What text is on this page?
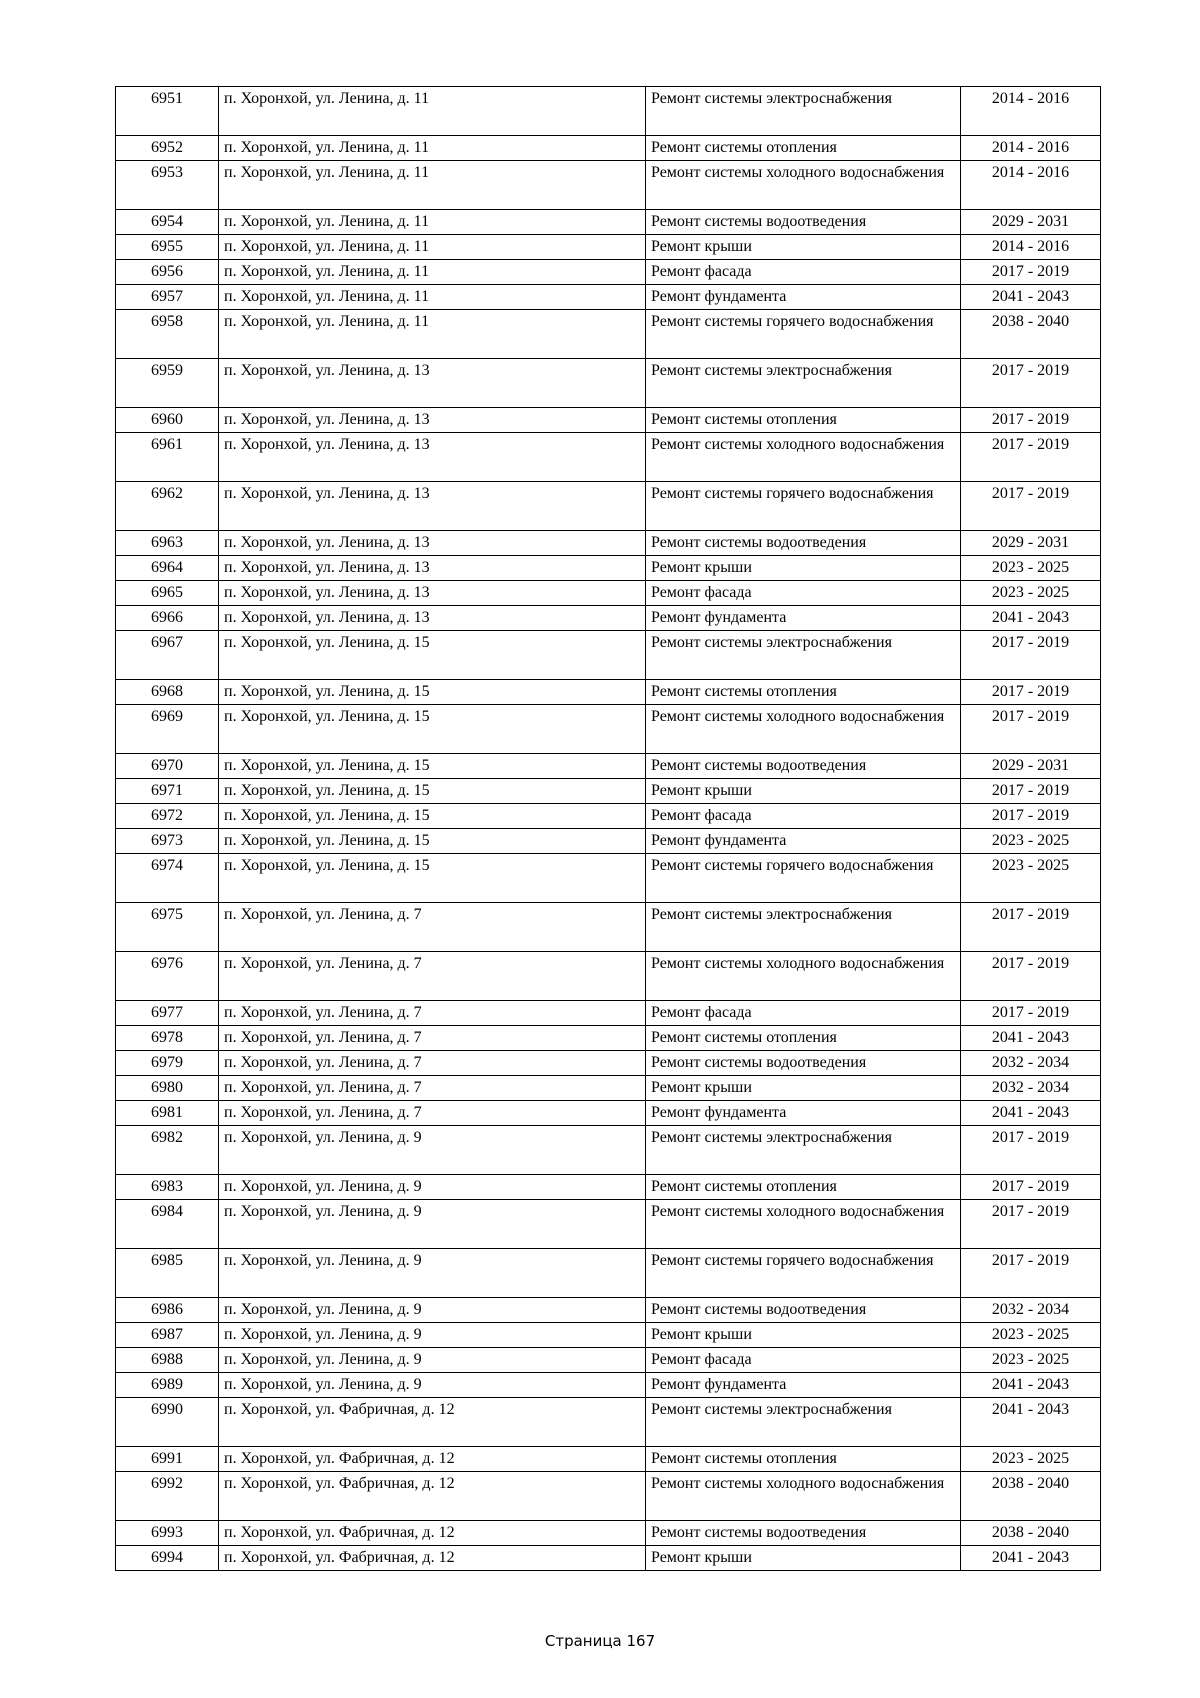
6951	п. Хоронхой, ул. Ленина, д. 11	Ремонт системы электроснабжения	2014 - 2016
6952	п. Хоронхой, ул. Ленина, д. 11	Ремонт системы отопления	2014 - 2016
6953	п. Хоронхой, ул. Ленина, д. 11	Ремонт системы холодного водоснабжения	2014 - 2016
6954	п. Хоронхой, ул. Ленина, д. 11	Ремонт системы водоотведения	2029 - 2031
6955	п. Хоронхой, ул. Ленина, д. 11	Ремонт крыши	2014 - 2016
6956	п. Хоронхой, ул. Ленина, д. 11	Ремонт фасада	2017 - 2019
6957	п. Хоронхой, ул. Ленина, д. 11	Ремонт фундамента	2041 - 2043
6958	п. Хоронхой, ул. Ленина, д. 11	Ремонт системы горячего водоснабжения	2038 - 2040
6959	п. Хоронхой, ул. Ленина, д. 13	Ремонт системы электроснабжения	2017 - 2019
6960	п. Хоронхой, ул. Ленина, д. 13	Ремонт системы отопления	2017 - 2019
6961	п. Хоронхой, ул. Ленина, д. 13	Ремонт системы холодного водоснабжения	2017 - 2019
6962	п. Хоронхой, ул. Ленина, д. 13	Ремонт системы горячего водоснабжения	2017 - 2019
6963	п. Хоронхой, ул. Ленина, д. 13	Ремонт системы водоотведения	2029 - 2031
6964	п. Хоронхой, ул. Ленина, д. 13	Ремонт крыши	2023 - 2025
6965	п. Хоронхой, ул. Ленина, д. 13	Ремонт фасада	2023 - 2025
6966	п. Хоронхой, ул. Ленина, д. 13	Ремонт фундамента	2041 - 2043
6967	п. Хоронхой, ул. Ленина, д. 15	Ремонт системы электроснабжения	2017 - 2019
6968	п. Хоронхой, ул. Ленина, д. 15	Ремонт системы отопления	2017 - 2019
6969	п. Хоронхой, ул. Ленина, д. 15	Ремонт системы холодного водоснабжения	2017 - 2019
6970	п. Хоронхой, ул. Ленина, д. 15	Ремонт системы водоотведения	2029 - 2031
6971	п. Хоронхой, ул. Ленина, д. 15	Ремонт крыши	2017 - 2019
6972	п. Хоронхой, ул. Ленина, д. 15	Ремонт фасада	2017 - 2019
6973	п. Хоронхой, ул. Ленина, д. 15	Ремонт фундамента	2023 - 2025
6974	п. Хоронхой, ул. Ленина, д. 15	Ремонт системы горячего водоснабжения	2023 - 2025
6975	п. Хоронхой, ул. Ленина, д. 7	Ремонт системы электроснабжения	2017 - 2019
6976	п. Хоронхой, ул. Ленина, д. 7	Ремонт системы холодного водоснабжения	2017 - 2019
6977	п. Хоронхой, ул. Ленина, д. 7	Ремонт фасада	2017 - 2019
6978	п. Хоронхой, ул. Ленина, д. 7	Ремонт системы отопления	2041 - 2043
6979	п. Хоронхой, ул. Ленина, д. 7	Ремонт системы водоотведения	2032 - 2034
6980	п. Хоронхой, ул. Ленина, д. 7	Ремонт крыши	2032 - 2034
6981	п. Хоронхой, ул. Ленина, д. 7	Ремонт фундамента	2041 - 2043
6982	п. Хоронхой, ул. Ленина, д. 9	Ремонт системы электроснабжения	2017 - 2019
6983	п. Хоронхой, ул. Ленина, д. 9	Ремонт системы отопления	2017 - 2019
6984	п. Хоронхой, ул. Ленина, д. 9	Ремонт системы холодного водоснабжения	2017 - 2019
6985	п. Хоронхой, ул. Ленина, д. 9	Ремонт системы горячего водоснабжения	2017 - 2019
6986	п. Хоронхой, ул. Ленина, д. 9	Ремонт системы водоотведения	2032 - 2034
6987	п. Хоронхой, ул. Ленина, д. 9	Ремонт крыши	2023 - 2025
6988	п. Хоронхой, ул. Ленина, д. 9	Ремонт фасада	2023 - 2025
6989	п. Хоронхой, ул. Ленина, д. 9	Ремонт фундамента	2041 - 2043
6990	п. Хоронхой, ул. Фабричная, д. 12	Ремонт системы электроснабжения	2041 - 2043
6991	п. Хоронхой, ул. Фабричная, д. 12	Ремонт системы отопления	2023 - 2025
6992	п. Хоронхой, ул. Фабричная, д. 12	Ремонт системы холодного водоснабжения	2038 - 2040
6993	п. Хоронхой, ул. Фабричная, д. 12	Ремонт системы водоотведения	2038 - 2040
6994	п. Хоронхой, ул. Фабричная, д. 12	Ремонт крыши	2041 - 2043
Страница 167
